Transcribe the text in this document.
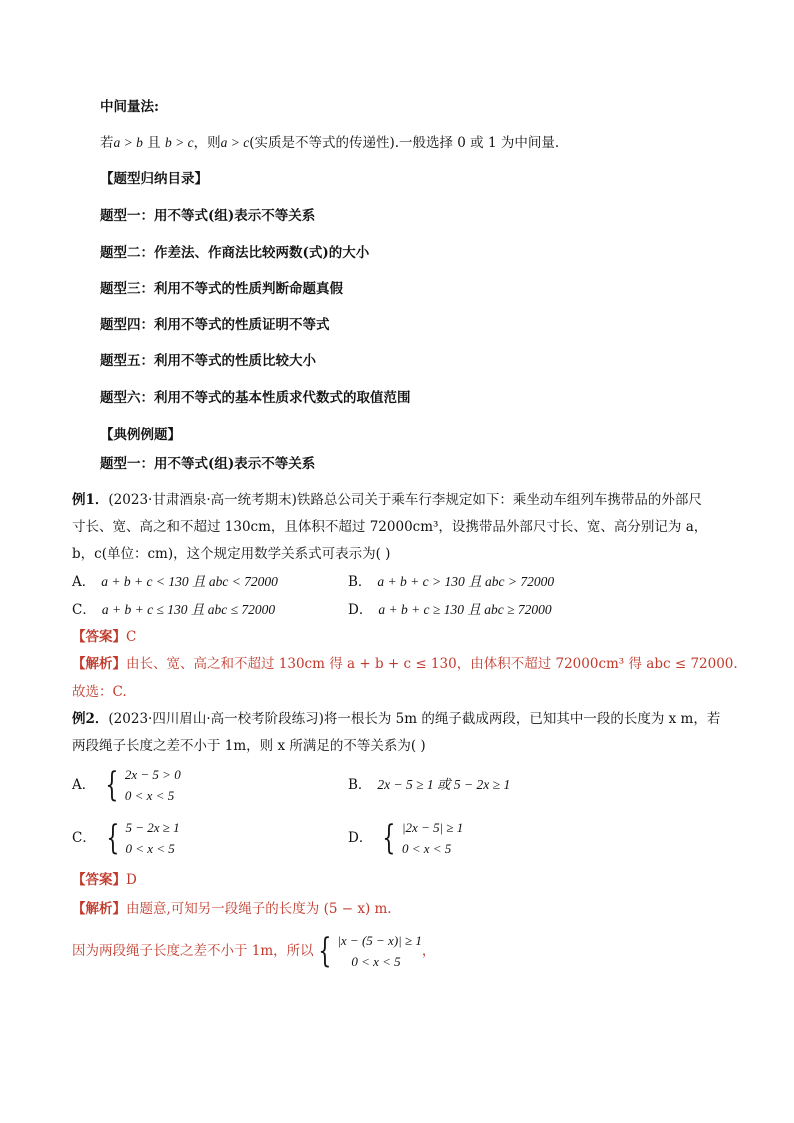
中间量法:
若a > b 且 b > c，则a > c(实质是不等式的传递性).一般选择 0 或 1 为中间量.
【题型归纳目录】
题型一：用不等式(组)表示不等关系
题型二：作差法、作商法比较两数(式)的大小
题型三：利用不等式的性质判断命题真假
题型四：利用不等式的性质证明不等式
题型五：利用不等式的性质比较大小
题型六：利用不等式的基本性质求代数式的取值范围
【典例例题】
题型一：用不等式(组)表示不等关系
例1．(2023·甘肃酒泉·高一统考期末)铁路总公司关于乘车行李规定如下：乘坐动车组列车携带品的外部尺
寸长、宽、高之和不超过 130cm，且体积不超过 72000cm³，设携带品外部尺寸长、宽、高分别记为 a，
b，c(单位：cm)，这个规定用数学关系式可表示为( )
A． a + b + c < 130 且 abc < 72000	B． a + b + c > 130 且 abc > 72000
C． a + b + c ≤ 130 且 abc ≤ 72000	D． a + b + c ≥ 130 且 abc ≥ 72000
【答案】C
【解析】由长、宽、高之和不超过 130cm 得 a + b + c ≤ 130，由体积不超过 72000cm³ 得 abc ≤ 72000.
故选：C.
例2．(2023·四川眉山·高一校考阶段练习)将一根长为 5m 的绳子截成两段，已知其中一段的长度为 x m，若
两段绳子长度之差不小于 1m，则 x 所满足的不等关系为( )
A． { 2x − 5 > 0
0 < x < 5
B． 2x − 5 ≥ 1 或 5 − 2x ≥ 1
C． { 5 − 2x ≥ 1
0 < x < 5
D． { |2x − 5| ≥ 1
0 < x < 5
【答案】D
【解析】由题意,可知另一段绳子的长度为 (5 − x) m.
因为两段绳子长度之差不小于 1m，所以 { |x − (5 − x)| ≥ 1
0 < x < 5
，
